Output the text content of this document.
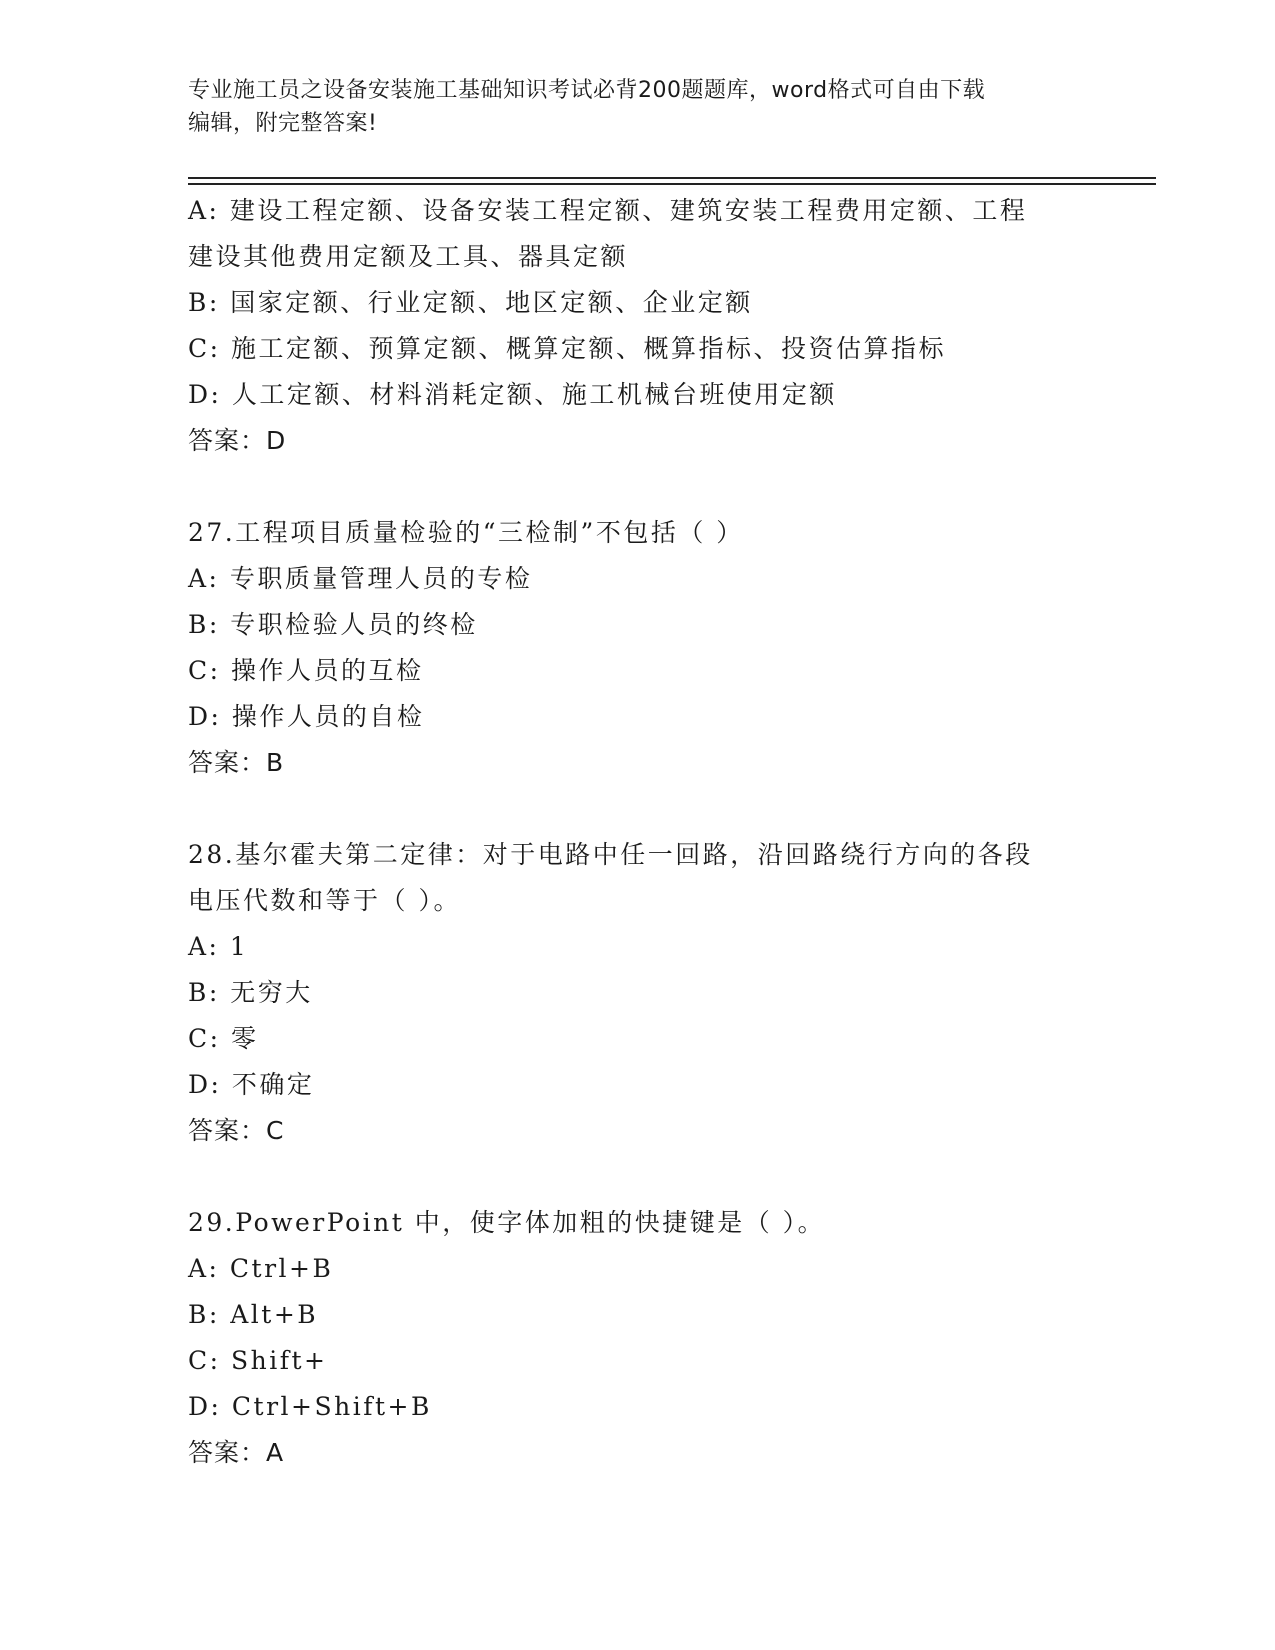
专业施工员之设备安装施工基础知识考试必背200题题库，word格式可自由下载
编辑，附完整答案!
A: 建设工程定额、设备安装工程定额、建筑安装工程费用定额、工程
建设其他费用定额及工具、器具定额
B: 国家定额、行业定额、地区定额、企业定额
C: 施工定额、预算定额、概算定额、概算指标、投资估算指标
D: 人工定额、材料消耗定额、施工机械台班使用定额
答案：D
27.工程项目质量检验的“三检制”不包括（ ）
A: 专职质量管理人员的专检
B: 专职检验人员的终检
C: 操作人员的互检
D: 操作人员的自检
答案：B
28.基尔霍夫第二定律：对于电路中任一回路，沿回路绕行方向的各段
电压代数和等于（ ）。
A: 1
B: 无穷大
C: 零
D: 不确定
答案：C
29.PowerPoint 中，使字体加粗的快捷键是（ ）。
A: Ctrl+B
B: Alt+B
C: Shift+
D: Ctrl+Shift+B
答案：A
